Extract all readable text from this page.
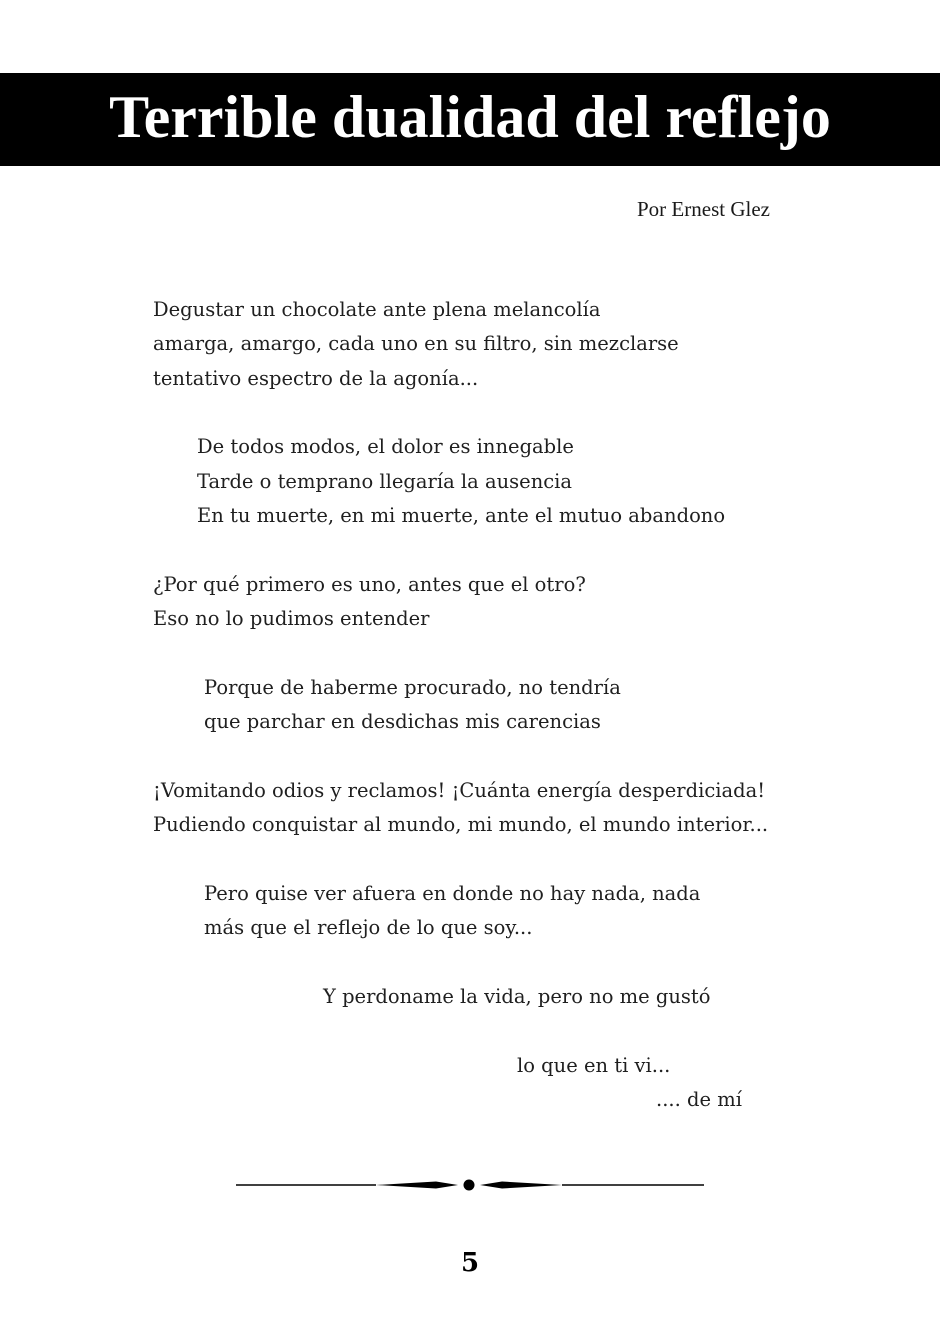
Terrible dualidad del reflejo
Por Ernest Glez
Degustar un chocolate ante plena melancolía
amarga, amargo, cada uno en su filtro, sin mezclarse
tentativo espectro de la agonía...
De todos modos, el dolor es innegable
Tarde o temprano llegaría la ausencia
En tu muerte, en mi muerte, ante el mutuo abandono
¿Por qué primero es uno, antes que el otro?
Eso no lo pudimos entender
Porque de haberme procurado, no tendría
que parchar en desdichas mis carencias
¡Vomitando odios y reclamos! ¡Cuánta energía desperdiciada!
Pudiendo conquistar al mundo, mi mundo, el mundo interior...
Pero quise ver afuera en donde no hay nada, nada
más que el reflejo de lo que soy...
Y perdoname la vida, pero no me gustó
lo que en ti vi...
.... de mí
5
